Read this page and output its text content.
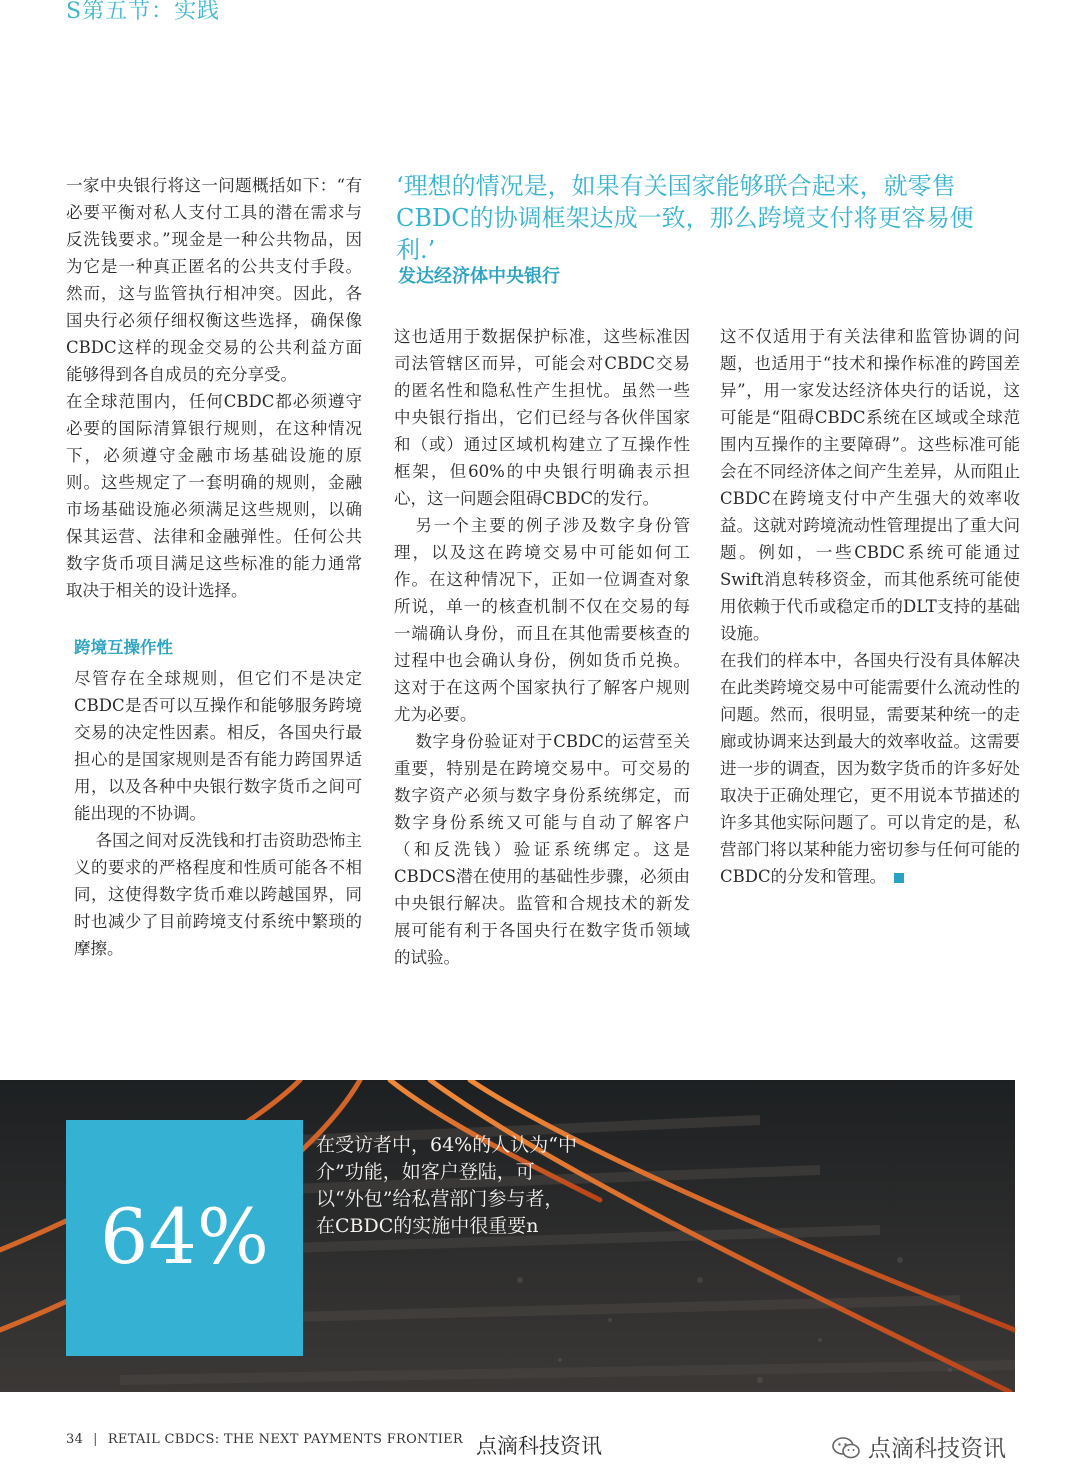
S第五节：实践

一家中央银行将这一问题概括如下：“有必要平衡对私人支付工具的潜在需求与反洗钱要求。”现金是一种公共物品，因为它是一种真正匿名的公共支付手段。然而，这与监管执行相冲突。因此，各国央行必须仔细权衡这些选择，确保像CBDC这样的现金交易的公共利益方面能够得到各自成员的充分享受。

在全球范围内，任何CBDC都必须遵守必要的国际清算银行规则，在这种情况下，必须遵守金融市场基础设施的原则。这些规定了一套明确的规则，金融市场基础设施必须满足这些规则，以确保其运营、法律和金融弹性。任何公共数字货币项目满足这些标准的能力通常取决于相关的设计选择。

跨境互操作性

尽管存在全球规则，但它们不是决定CBDC是否可以互操作和能够服务跨境交易的决定性因素。相反，各国央行最担心的是国家规则是否有能力跨国界适用，以及各种中央银行数字货币之间可能出现的不协调。

各国之间对反洗钱和打击资助恐怖主义的要求的严格程度和性质可能各不相同，这使得数字货币难以跨越国界，同时也减少了目前跨境支付系统中繁琐的摩擦。

‘理想的情况是，如果有关国家能够联合起来，就零售CBDC的协调框架达成一致，那么跨境支付将更容易便利.’
发达经济体中央银行

这也适用于数据保护标准，这些标准因司法管辖区而异，可能会对CBDC交易的匿名性和隐私性产生担忧。虽然一些中央银行指出，它们已经与各伙伴国家和（或）通过区域机构建立了互操作性框架，但60%的中央银行明确表示担心，这一问题会阻碍CBDC的发行。

另一个主要的例子涉及数字身份管理，以及这在跨境交易中可能如何工作。在这种情况下，正如一位调查对象所说，单一的核查机制不仅在交易的每一端确认身份，而且在其他需要核查的过程中也会确认身份，例如货币兑换。这对于在这两个国家执行了解客户规则尤为必要。

数字身份验证对于CBDC的运营至关重要，特别是在跨境交易中。可交易的数字资产必须与数字身份系统绑定，而数字身份系统又可能与自动了解客户（和反洗钱）验证系统绑定。这是CBDCS潜在使用的基础性步骤，必须由中央银行解决。监管和合规技术的新发展可能有利于各国央行在数字货币领域的试验。

这不仅适用于有关法律和监管协调的问题，也适用于“技术和操作标准的跨国差异”，用一家发达经济体央行的话说，这可能是“阻碍CBDC系统在区域或全球范围内互操作的主要障碍”。这些标准可能会在不同经济体之间产生差异，从而阻止CBDC在跨境支付中产生强大的效率收益。这就对跨境流动性管理提出了重大问题。例如，一些CBDC系统可能通过Swift消息转移资金，而其他系统可能使用依赖于代币或稳定币的DLT支持的基础设施。

在我们的样本中，各国央行没有具体解决在此类跨境交易中可能需要什么流动性的问题。然而，很明显，需要某种统一的走廊或协调来达到最大的效率收益。这需要进一步的调查，因为数字货币的许多好处取决于正确处理它，更不用说本节描述的许多其他实际问题了。可以肯定的是，私营部门将以某种能力密切参与任何可能的CBDC的分发和管理。

64%
在受访者中，64%的人认为“中介”功能，如客户登陆，可以“外包”给私营部门参与者，在CBDC的实施中很重要n
34 | RETAIL CBDCS: THE NEXT PAYMENTS FRONTIER 点滴科技资讯	点滴科技资讯
